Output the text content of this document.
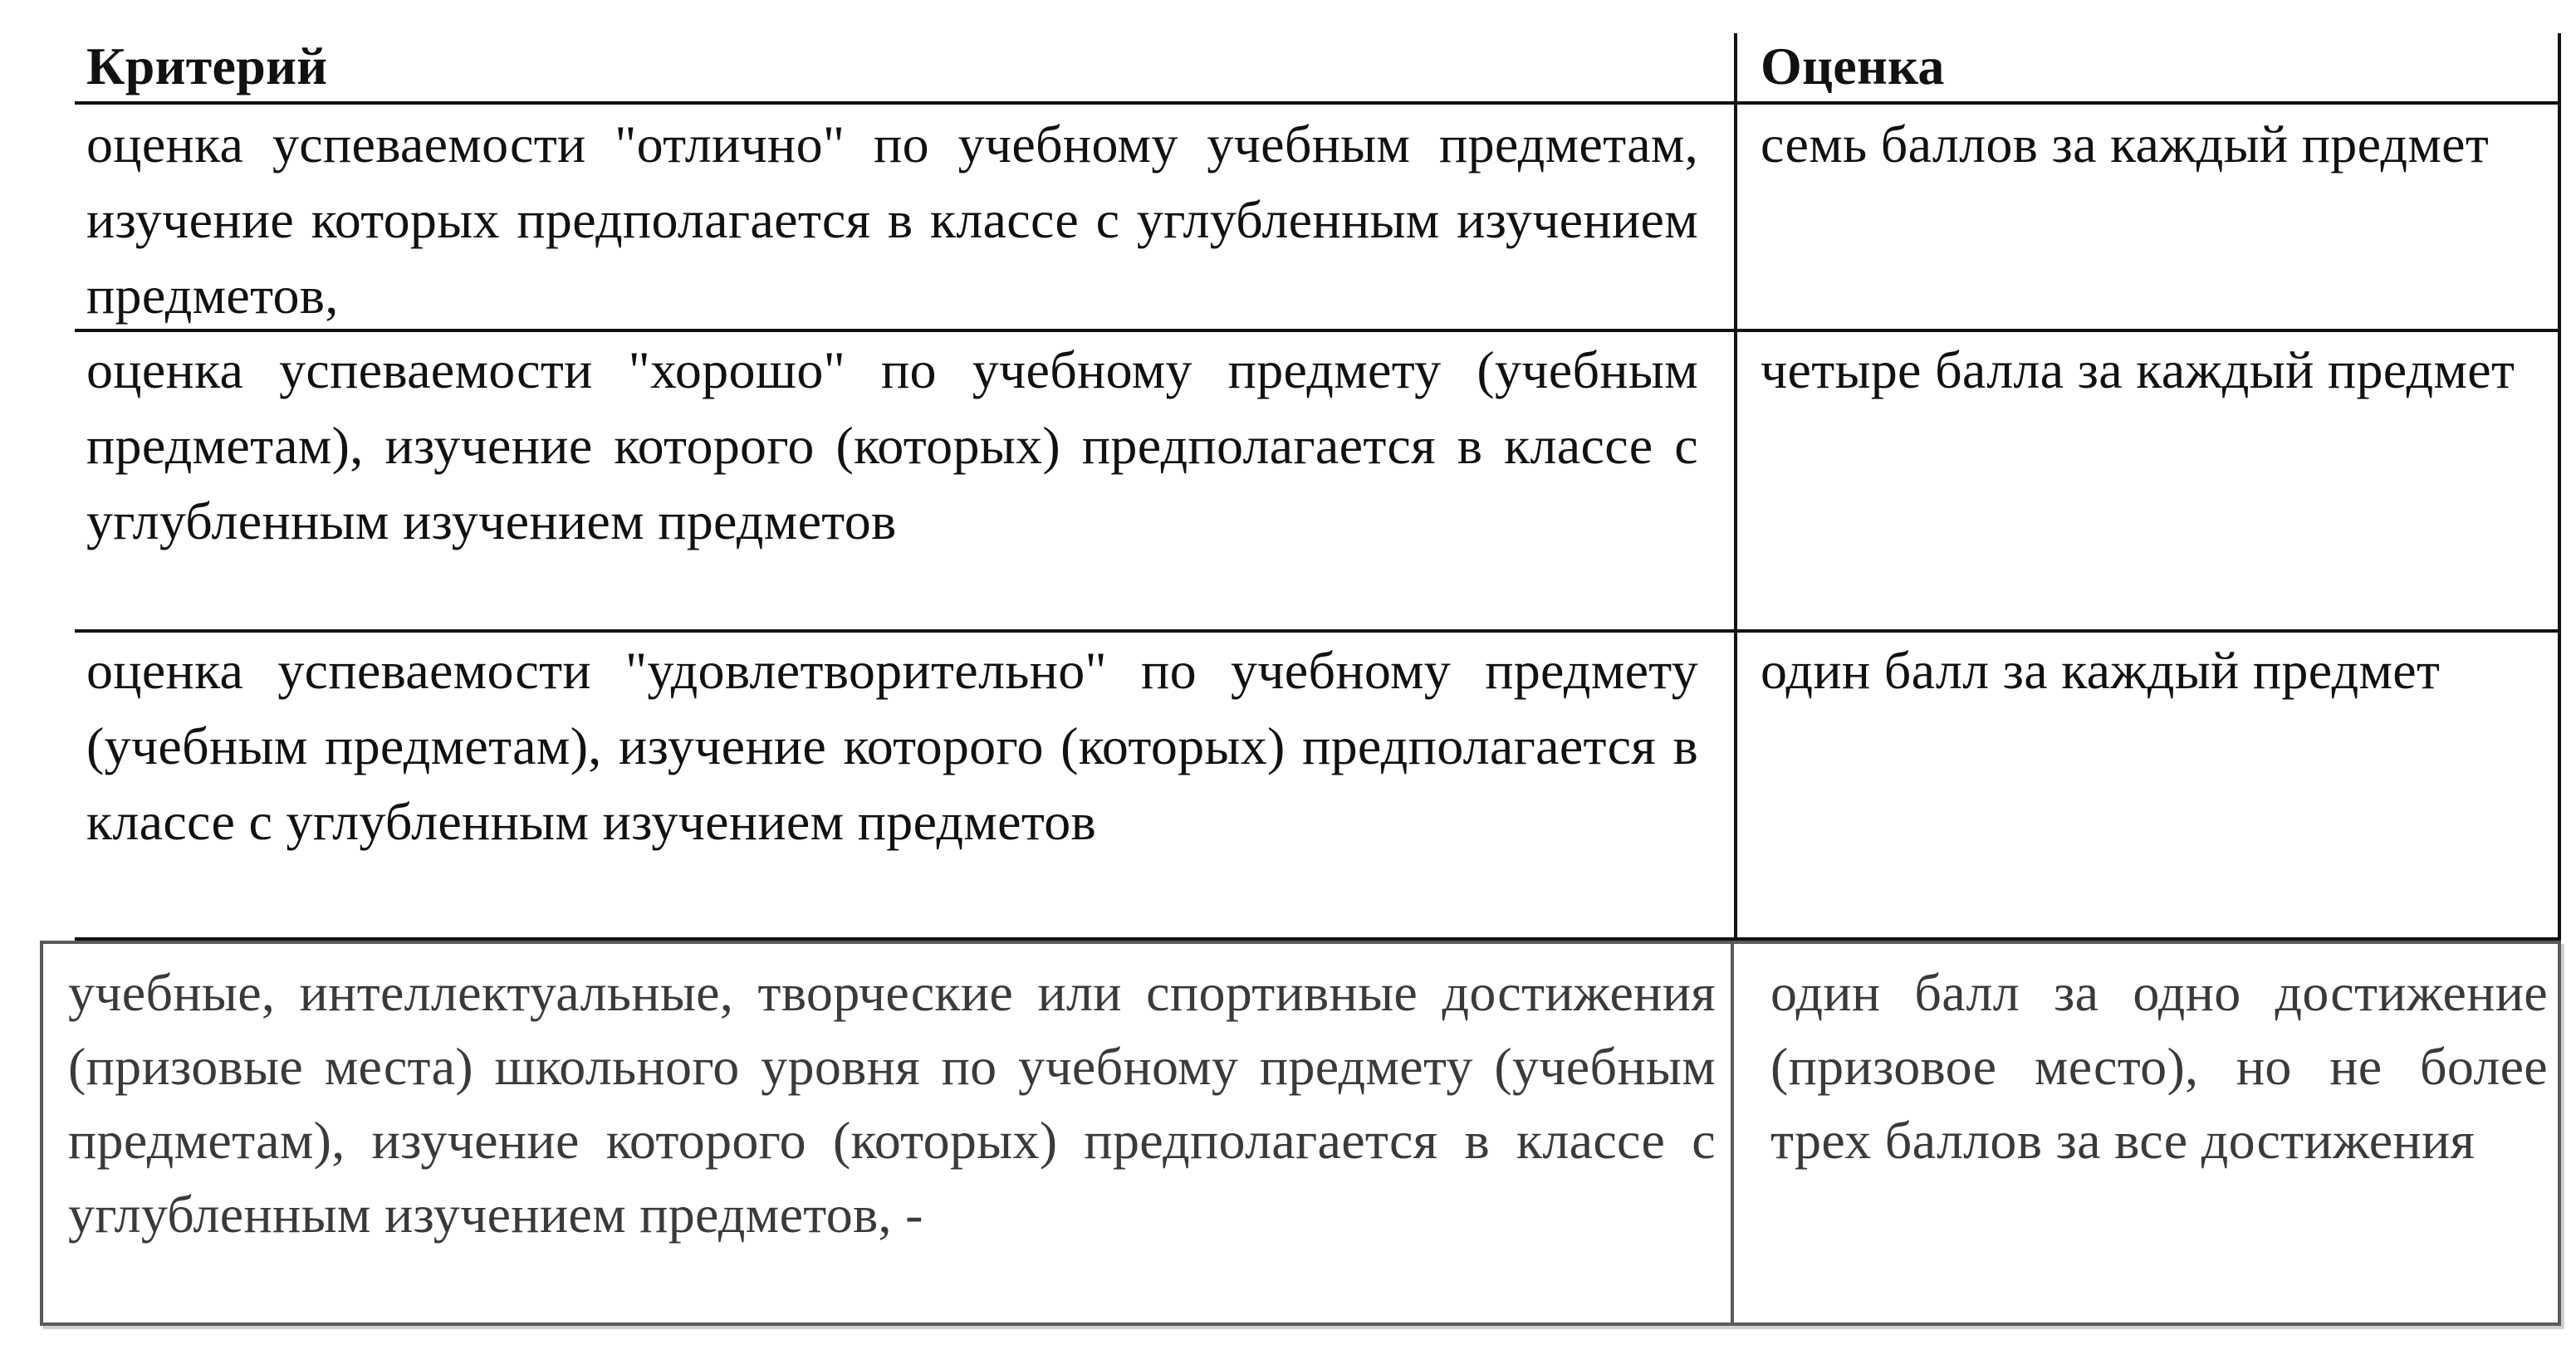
Критерий	Оценка
оценка успеваемости "отлично" по учебному учебным предметам, изучение которых предполагается в классе с углубленным изучением предметов,
семь баллов за каждый предмет
оценка успеваемости "хорошо" по учебному предмету (учебным предметам), изучение которого (которых) предполагается в классе с углубленным изучением предметов
четыре балла за каждый предмет
оценка успеваемости "удовлетворительно" по учебному предмету (учебным предметам), изучение которого (которых) предполагается в классе с углубленным изучением предметов
один балл за каждый предмет
учебные, интеллектуальные, творческие или спортивные достижения (призовые места) школьного уровня по учебному предмету (учебным предметам), изучение которого (которых) предполагается в классе с углубленным изучением предметов, -
один балл за одно достижение (призовое место), но не более трех баллов за все достижения
